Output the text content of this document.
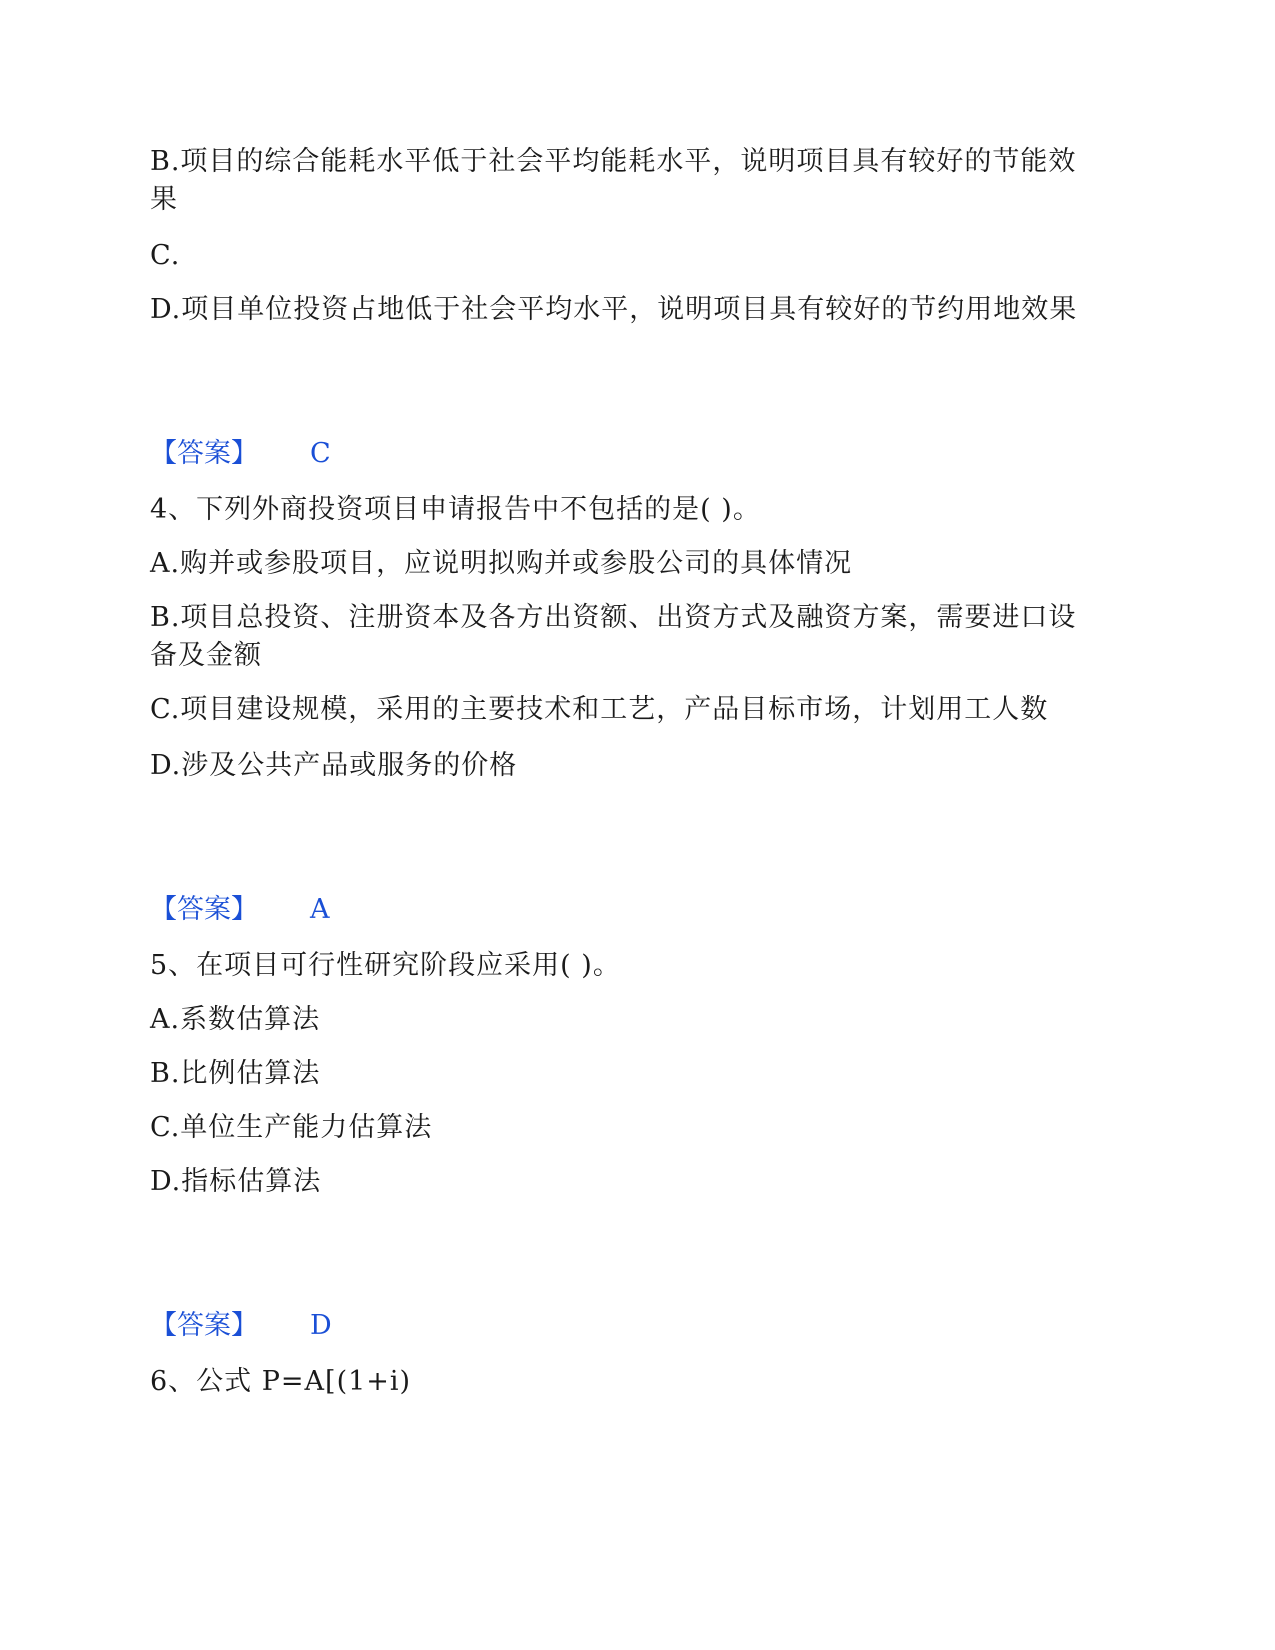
B.项目的综合能耗水平低于社会平均能耗水平，说明项目具有较好的节能效
果
C.
D.项目单位投资占地低于社会平均水平，说明项目具有较好的节约用地效果
【答案】 C
4、下列外商投资项目申请报告中不包括的是( )。
A.购并或参股项目，应说明拟购并或参股公司的具体情况
B.项目总投资、注册资本及各方出资额、出资方式及融资方案，需要进口设
备及金额
C.项目建设规模，采用的主要技术和工艺，产品目标市场，计划用工人数
D.涉及公共产品或服务的价格
【答案】 A
5、在项目可行性研究阶段应采用( )。
A.系数估算法
B.比例估算法
C.单位生产能力估算法
D.指标估算法
【答案】 D
6、公式 P=A[(1+i)
